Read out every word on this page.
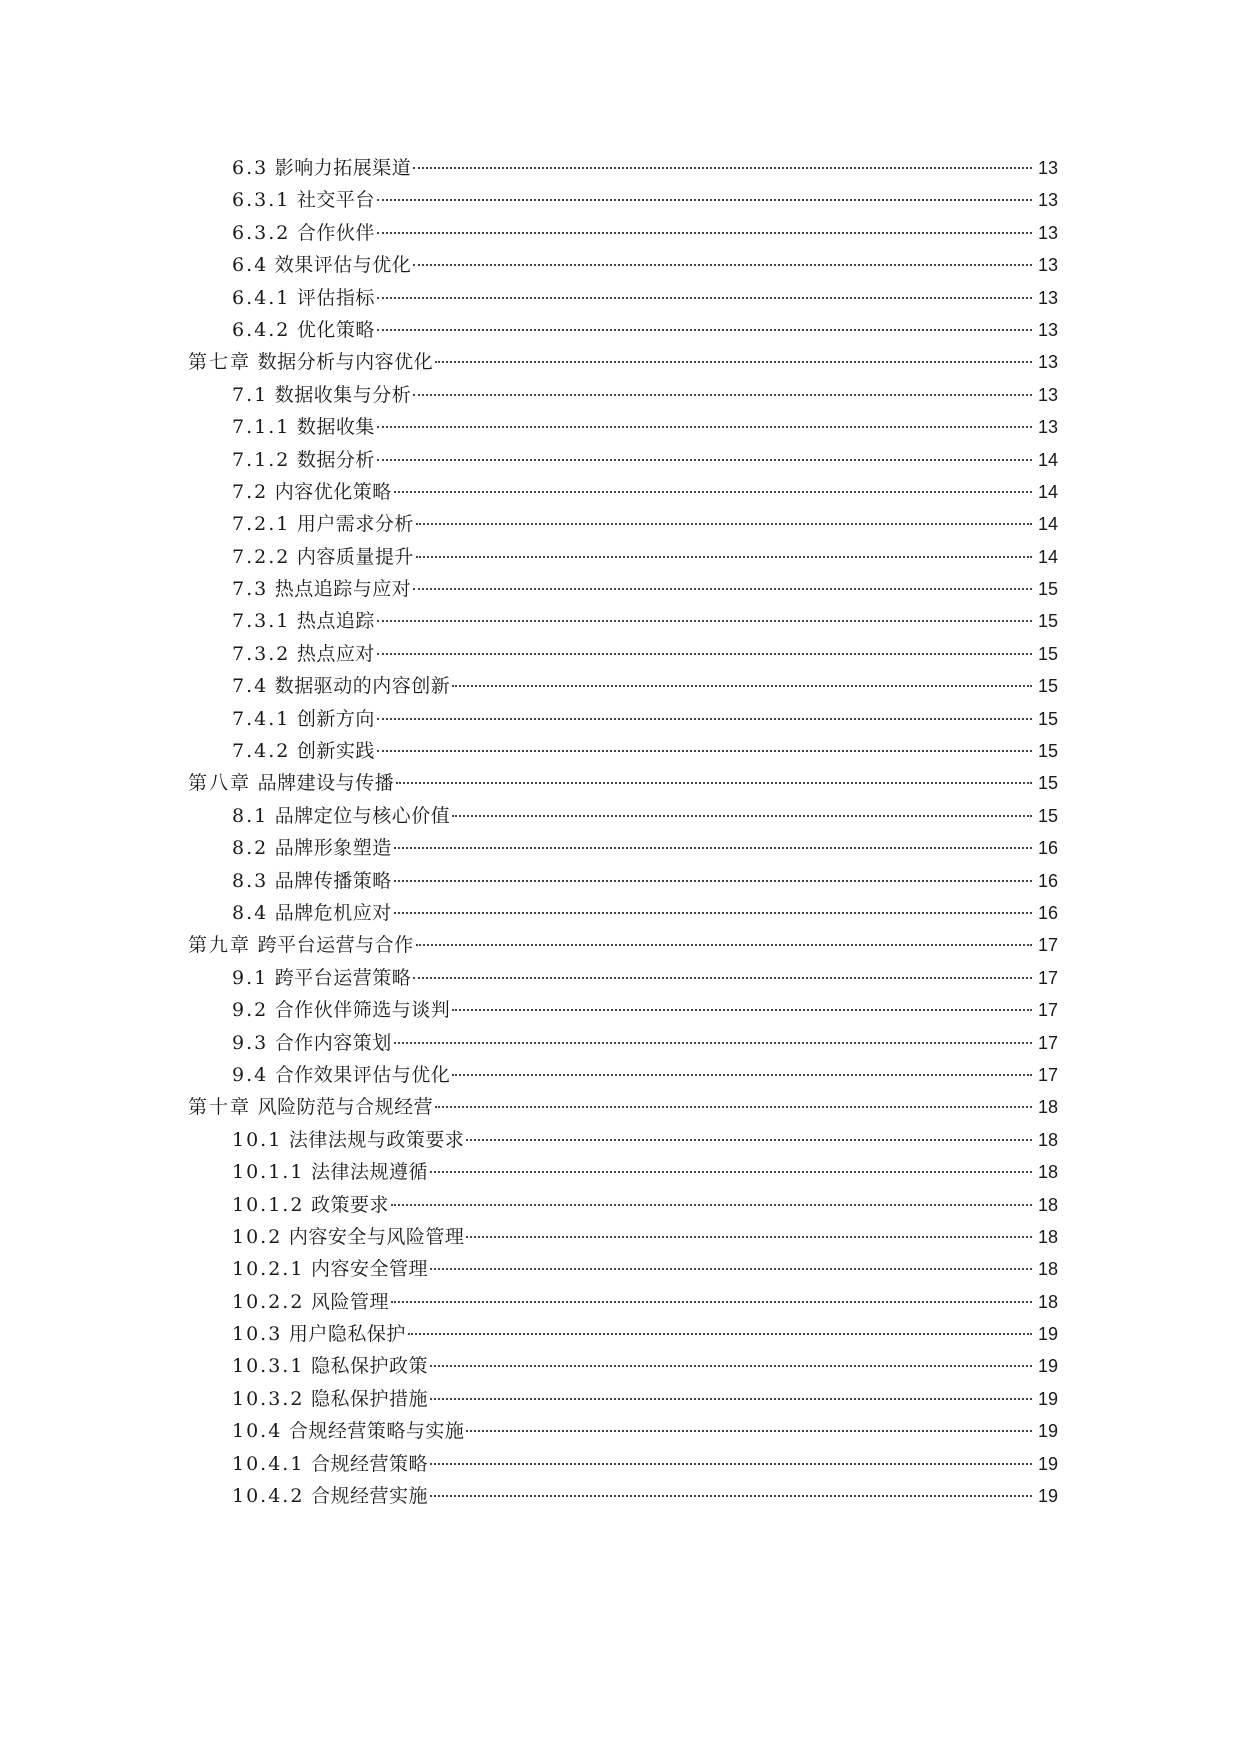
6.3 影响力拓展渠道	13
6.3.1 社交平台	13
6.3.2 合作伙伴	13
6.4 效果评估与优化	13
6.4.1 评估指标	13
6.4.2 优化策略	13
第七章 数据分析与内容优化	13
7.1 数据收集与分析	13
7.1.1 数据收集	13
7.1.2 数据分析	14
7.2 内容优化策略	14
7.2.1 用户需求分析	14
7.2.2 内容质量提升	14
7.3 热点追踪与应对	15
7.3.1 热点追踪	15
7.3.2 热点应对	15
7.4 数据驱动的内容创新	15
7.4.1 创新方向	15
7.4.2 创新实践	15
第八章 品牌建设与传播	15
8.1 品牌定位与核心价值	15
8.2 品牌形象塑造	16
8.3 品牌传播策略	16
8.4 品牌危机应对	16
第九章 跨平台运营与合作	17
9.1 跨平台运营策略	17
9.2 合作伙伴筛选与谈判	17
9.3 合作内容策划	17
9.4 合作效果评估与优化	17
第十章 风险防范与合规经营	18
10.1 法律法规与政策要求	18
10.1.1 法律法规遵循	18
10.1.2 政策要求	18
10.2 内容安全与风险管理	18
10.2.1 内容安全管理	18
10.2.2 风险管理	18
10.3 用户隐私保护	19
10.3.1 隐私保护政策	19
10.3.2 隐私保护措施	19
10.4 合规经营策略与实施	19
10.4.1 合规经营策略	19
10.4.2 合规经营实施	19
